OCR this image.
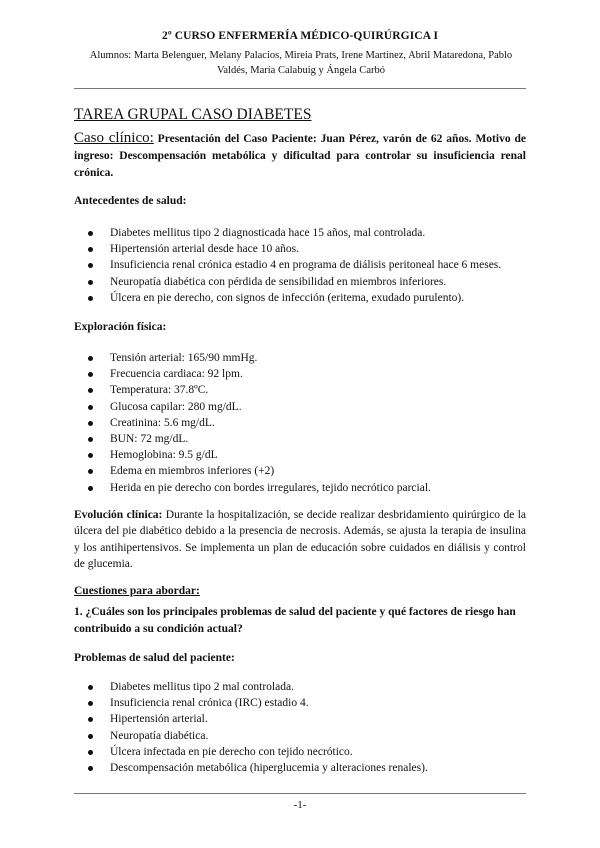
2º CURSO ENFERMERÍA MÉDICO-QUIRÚRGICA I
Alumnos: Marta Belenguer, Melany Palacios, Mireia Prats, Irene Martínez, Abril Mataredona, Pablo Valdés, María Calabuig y Ángela Carbó
TAREA GRUPAL CASO DIABETES
Caso clínico: Presentación del Caso Paciente: Juan Pérez, varón de 62 años. Motivo de ingreso: Descompensación metabólica y dificultad para controlar su insuficiencia renal crónica.
Antecedentes de salud:
Diabetes mellitus tipo 2 diagnosticada hace 15 años, mal controlada.
Hipertensión arterial desde hace 10 años.
Insuficiencia renal crónica estadio 4 en programa de diálisis peritoneal hace 6 meses.
Neuropatía diabética con pérdida de sensibilidad en miembros inferiores.
Úlcera en pie derecho, con signos de infección (eritema, exudado purulento).
Exploración física:
Tensión arterial: 165/90 mmHg.
Frecuencia cardiaca: 92 lpm.
Temperatura: 37.8ºC.
Glucosa capilar: 280 mg/dL.
Creatinina: 5.6 mg/dL.
BUN: 72 mg/dL.
Hemoglobina: 9.5 g/dL
Edema en miembros inferiores (+2)
Herida en pie derecho con bordes irregulares, tejido necrótico parcial.
Evolución clínica: Durante la hospitalización, se decide realizar desbridamiento quirúrgico de la úlcera del pie diabético debido a la presencia de necrosis. Además, se ajusta la terapia de insulina y los antihipertensivos. Se implementa un plan de educación sobre cuidados en diálisis y control de glucemia.
Cuestiones para abordar:
1. ¿Cuáles son los principales problemas de salud del paciente y qué factores de riesgo han contribuido a su condición actual?
Problemas de salud del paciente:
Diabetes mellitus tipo 2 mal controlada.
Insuficiencia renal crónica (IRC) estadio 4.
Hipertensión arterial.
Neuropatía diabética.
Úlcera infectada en pie derecho con tejido necrótico.
Descompensación metabólica (hiperglucemia y alteraciones renales).
-1-
